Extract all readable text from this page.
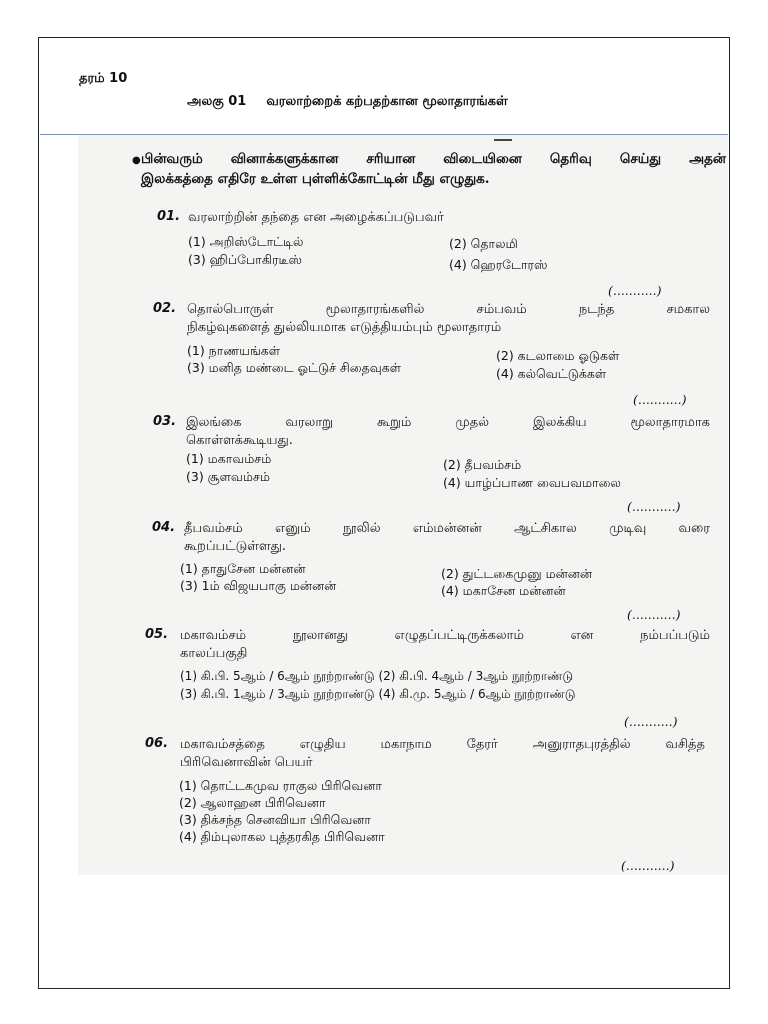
தரம் 10
அலகு 01 வரலாற்றைக் கற்பதற்கான மூலாதாரங்கள்
● பின்வரும் வினாக்களுக்கான சரியான விடையினை தெரிவு செய்து அதன்
இலக்கத்தை எதிரே உள்ள புள்ளிக்கோட்டின் மீது எழுதுக.
01. வரலாற்றின் தந்தை என அழைக்கப்படுபவர்
(1) அறிஸ்டோட்டில்	(2) தொலமி
(3) ஹிப்போகிரடீஸ்	(4) ஹெரடோரஸ்
(...........)
02. தொல்பொருள் மூலாதாரங்களில் சம்பவம் நடந்த சமகால
நிகழ்வுகளைத் துல்லியமாக எடுத்தியம்பும் மூலாதாரம்
(1) நாணயங்கள்	(2) கடலாமை ஓடுகள்
(3) மனித மண்டை ஓட்டுச் சிதைவுகள்	(4) கல்வெட்டுக்கள்
(...........)
03. இலங்கை வரலாறு கூறும் முதல் இலக்கிய மூலாதாரமாக
கொள்ளக்கூடியது.
(1) மகாவம்சம்	(2) தீபவம்சம்
(3) சூளவம்சம்	(4) யாழ்ப்பாண வைபவமாலை
(...........)
04. தீபவம்சம் எனும் நூலில் எம்மன்னன் ஆட்சிகால முடிவு வரை
கூறப்பட்டுள்ளது.
(1) தாதுசேன மன்னன்	(2) துட்டகைமுனு மன்னன்
(3) 1ம் விஜயபாகு மன்னன்	(4) மகாசேன மன்னன்
(...........)
05. மகாவம்சம் நூலானது எழுதப்பட்டிருக்கலாம் என நம்பப்படும்
காலப்பகுதி
(1) கி.பி. 5ஆம் / 6ஆம் நூற்றாண்டு (2) கி.பி. 4ஆம் / 3ஆம் நூற்றாண்டு
(3) கி.பி. 1ஆம் / 3ஆம் நூற்றாண்டு (4) கி.மு. 5ஆம் / 6ஆம் நூற்றாண்டு
(...........)
06. மகாவம்சத்தை எழுதிய மகாநாம தேரர் அனுராதபுரத்தில் வசித்த
பிரிவெனாவின் பெயர்
(1) தொட்டகமுவ ராகுல பிரிவெனா
(2) ஆலாஹன பிரிவெனா
(3) திக்சந்த செனவியா பிரிவெனா
(4) திம்புலாகல புத்தரகித பிரிவெனா
(...........)
